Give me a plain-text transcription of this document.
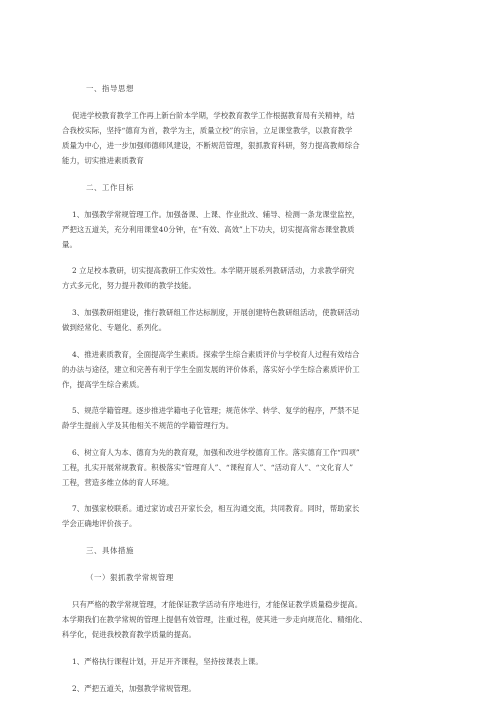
一、指导思想
促进学校教育教学工作再上新台阶本学期，学校教育教学工作根据教育局有关精神，结
合我校实际，坚持“德育为首，教学为主，质量立校”的宗旨，立足课堂教学，以教育教学
质量为中心，进一步加强师德师风建设，不断规范管理，狠抓教育科研，努力提高教师综合
能力，切实推进素质教育
二、工作目标
1、加强教学常规管理工作。加强备课、上课、作业批改、辅导、检测一条龙课堂监控，
严把这五道关，充分利用课堂40分钟，在“有效、高效”上下功夫，切实提高常态课堂教质
量。
2 立足校本教研，切实提高教研工作实效性。本学期开展系列教研活动，力求教学研究
方式多元化，努力提升教师的教学技能。
3、加强教研组建设，推行教研组工作达标制度，开展创建特色教研组活动，使教研活动
做到经常化、专题化、系列化。
4、推进素质教育，全面提高学生素质。探索学生综合素质评价与学校育人过程有效结合
的办法与途径，建立和完善有利于学生全面发展的评价体系，落实好小学生综合素质评价工
作，提高学生综合素质。
5、规范学籍管理。逐步推进学籍电子化管理；规范休学、转学、复学的程序，严禁不足
龄学生提前入学及其他相关不规范的学籍管理行为。
6、树立育人为本、德育为先的教育观，加强和改进学校德育工作。落实德育工作“四项”
工程，扎实开展常规教育。积极落实“管理育人”、“课程育人”、“活动育人”、“文化育人”
工程，营造多维立体的育人环境。
7、加强家校联系。通过家访或召开家长会，相互沟通交流，共同教育。同时，帮助家长
学会正确地评价孩子。
三、具体措施
（一）狠抓教学常规管理
只有严格的教学常规管理，才能保证教学活动有序地进行，才能保证教学质量稳步提高。
本学期我们在教学常规的管理上提倡有效管理，注重过程，使其进一步走向规范化、精细化、
科学化，促进我校教育教学质量的提高。
1、严格执行课程计划，开足开齐课程，坚持按课表上课。
2、严把五道关，加强教学常规管理。
